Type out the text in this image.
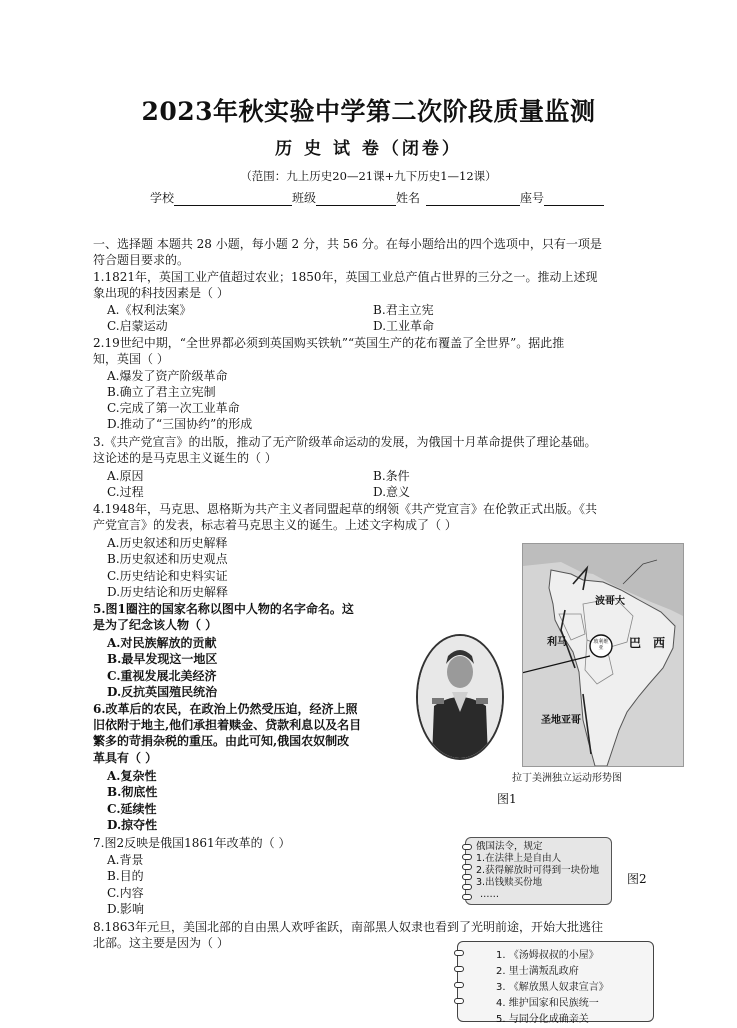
2023年秋实验中学第二次阶段质量监测
历 史 试 卷（闭卷）
（范围：九上历史20—21课+九下历史1—12课）
学校	班级	姓名	座号
一、选择题 本题共 28 小题，每小题 2 分，共 56 分。在每小题给出的四个选项中，只有一项是
符合题目要求的。
1.1821年，英国工业产值超过农业；1850年，英国工业总产值占世界的三分之一。推动上述现
象出现的科技因素是（ ）
A.《权利法案》	B.君主立宪
C.启蒙运动	D.工业革命
2.19世纪中期，“全世界都必须到英国购买铁轨”“英国生产的花布覆盖了全世界”。据此推
知，英国（ ）
A.爆发了资产阶级革命
B.确立了君主立宪制
C.完成了第一次工业革命
D.推动了“三国协约”的形成
3.《共产党宣言》的出版，推动了无产阶级革命运动的发展，为俄国十月革命提供了理论基础。
这论述的是马克思主义诞生的（ ）
A.原因	B.条件
C.过程	D.意义
4.1948年，马克思、恩格斯为共产主义者同盟起草的纲领《共产党宣言》在伦敦正式出版。《共
产党宣言》的发表，标志着马克思主义的诞生。上述文字构成了（ ）
A.历史叙述和历史解释
B.历史叙述和历史观点
C.历史结论和史料实证
D.历史结论和历史解释
5.图1圈注的国家名称以图中人物的名字命名。这
是为了纪念该人物（ ）
A.对民族解放的贡献
B.最早发现这一地区
C.重视发展北美经济
D.反抗英国殖民统治
6.改革后的农民，在政治上仍然受压迫，经济上照
旧依附于地主,他们承担着赎金、贷款利息以及名目
繁多的苛捐杂税的重压。由此可知,俄国农奴制改
革具有（ ）
A.复杂性
B.彻底性
C.延续性
D.掠夺性
7.图2反映是俄国1861年改革的（ ）
A.背景
B.目的
C.内容
D.影响
8.1863年元旦，美国北部的自由黑人欢呼雀跃，南部黑人奴隶也看到了光明前途，开始大批逃往
北部。这主要是因为（ ）
波哥大
利马	巴 西
圣地亚哥
玻利维亚
拉丁美洲独立运动形势图
图1
俄国法令，规定
1.在法律上是自由人
2.获得解放时可得到一块份地
3.出钱赎买份地
……
图2
1. 《汤姆叔叔的小屋》
2. 里士满叛乱政府
3. 《解放黑人奴隶宣言》
4. 维护国家和民族统一
5. 与同分化成确亲关
